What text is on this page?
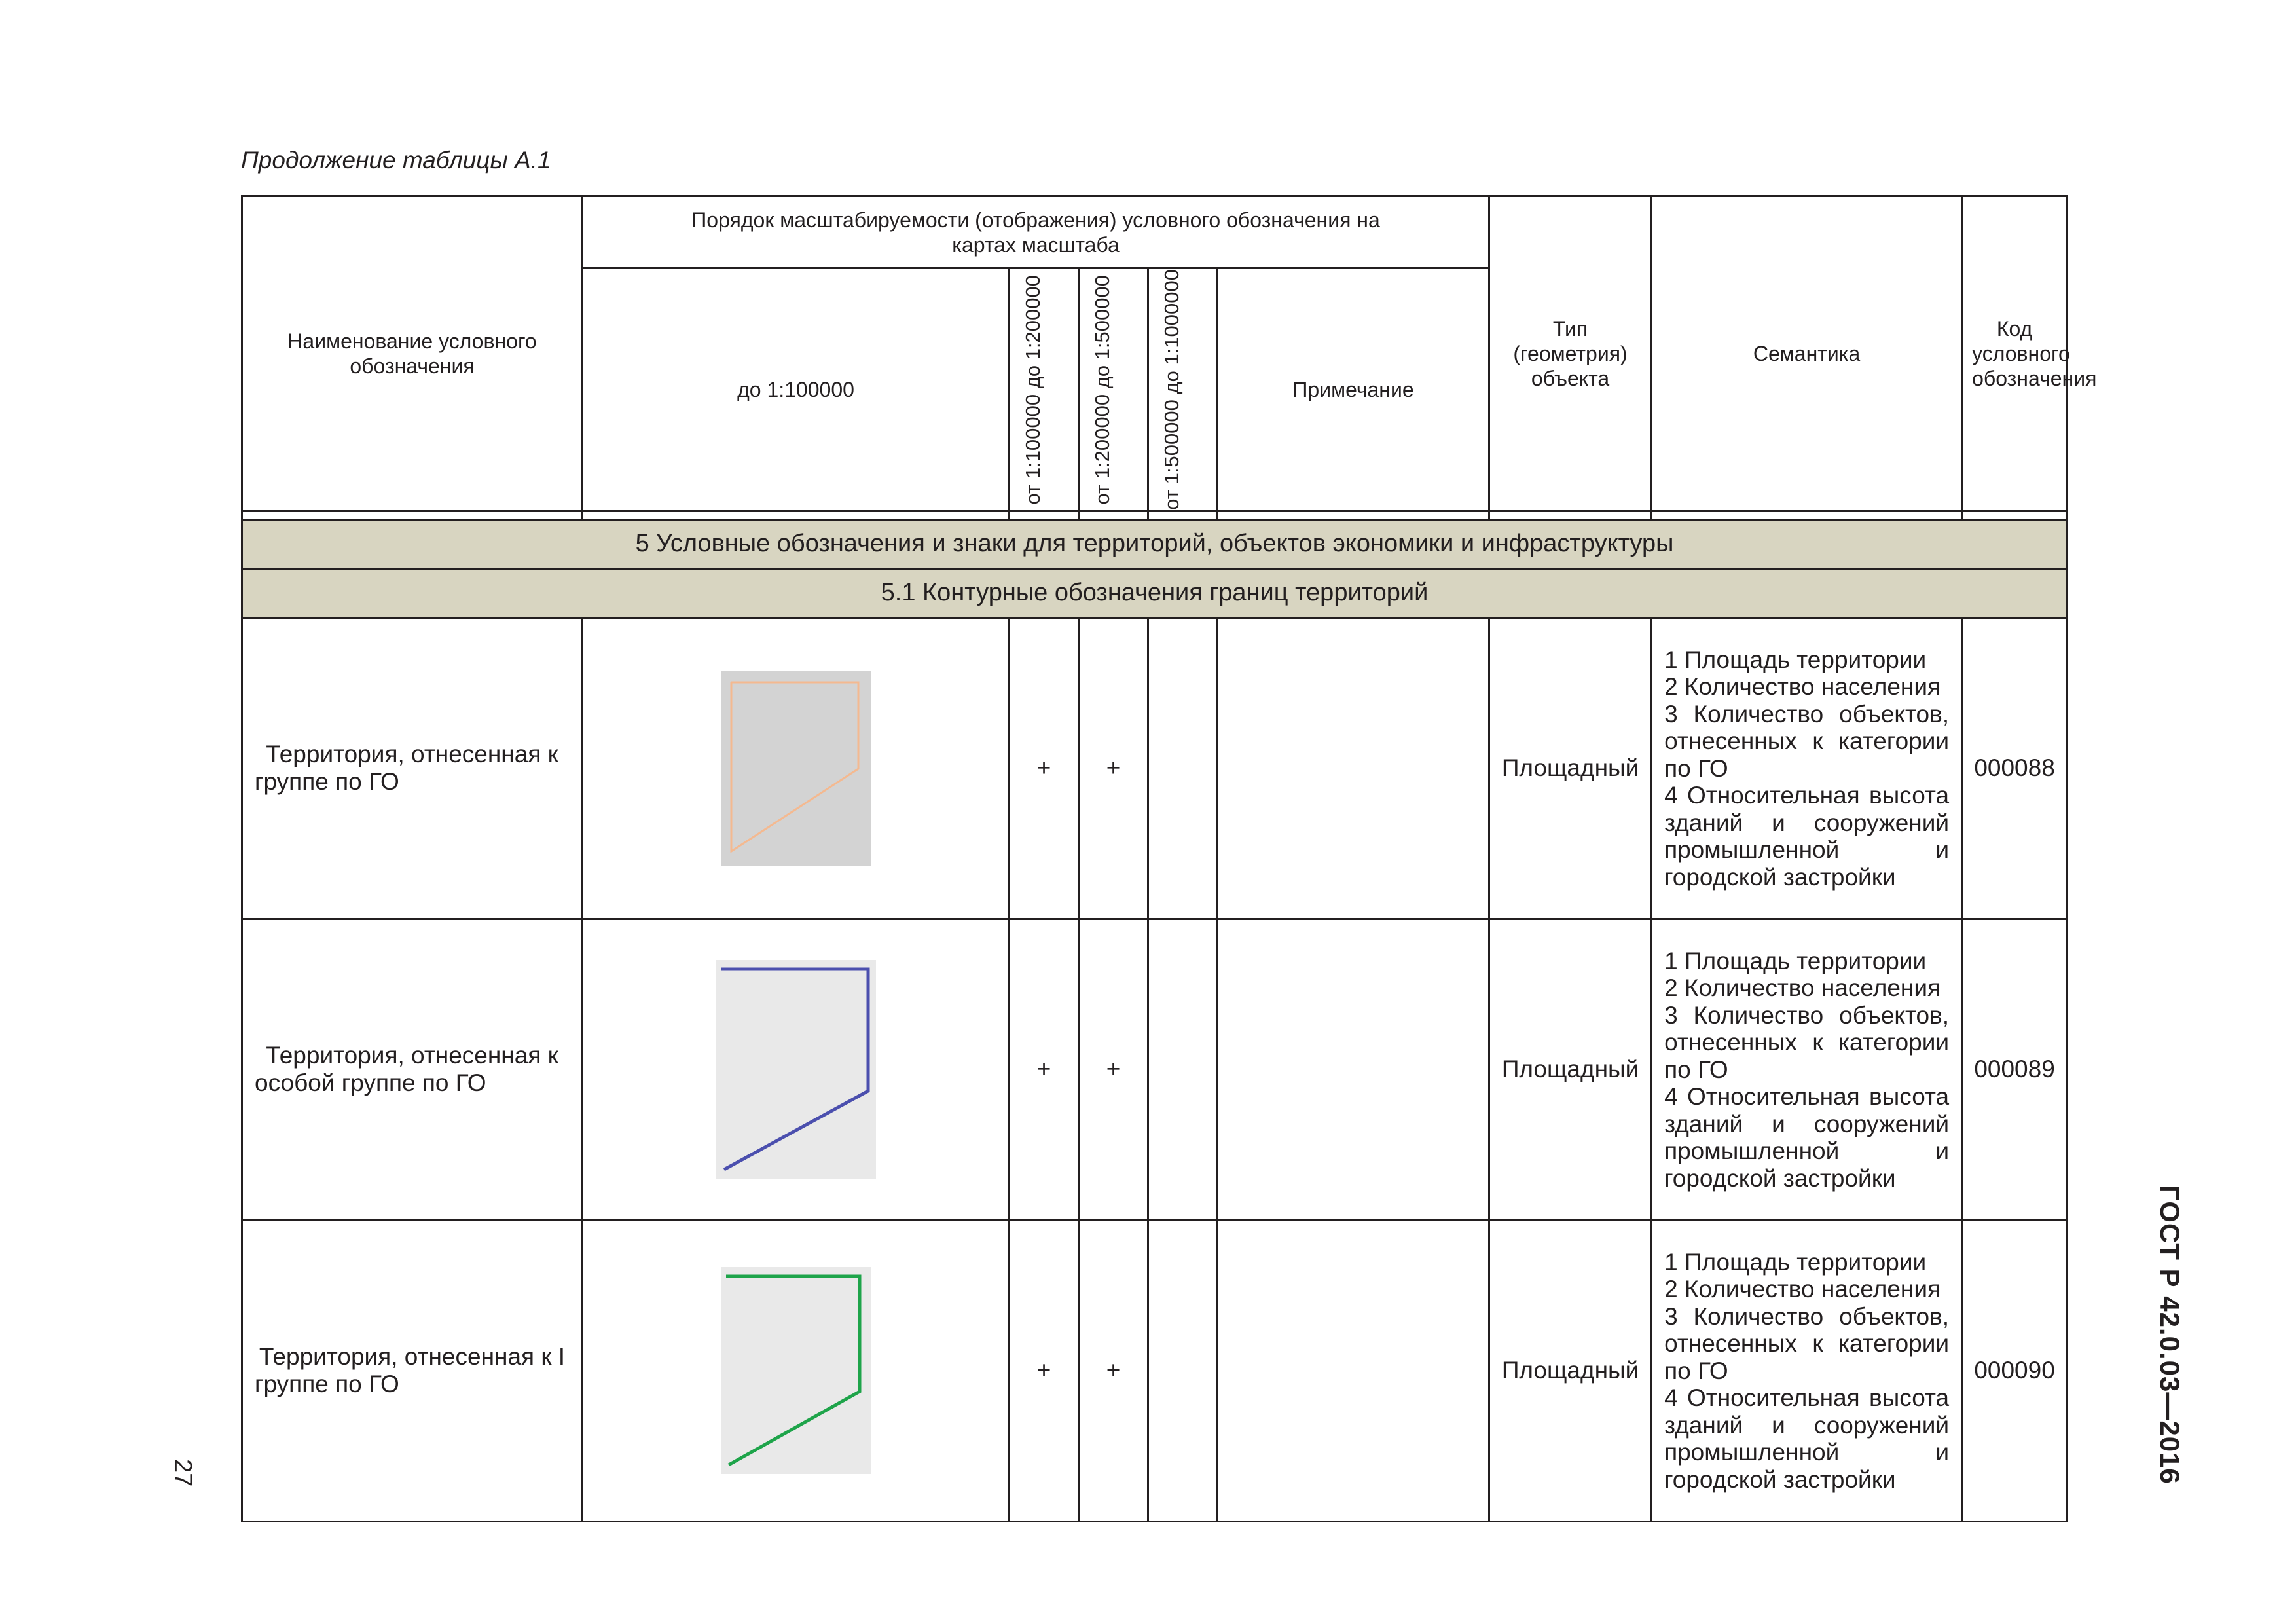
Продолжение таблицы А.1
Наименование условного обозначения	Порядок масштабируемости (отображения) условного обозначения на картах масштаба					Тип (геометрия) объекта	Семантика	Код условного обозначения

	до 1:100000	от 1:100000 до 1:200000	от 1:200000 до 1:500000	от 1:500000 до 1:1000000	Примечание			

5 Условные обозначения и знаки для территорий, объектов экономики и инфраструктуры								
5.1 Контурные обозначения границ территорий								
Территория, отнесенная к группе по ГО		+	+			Площадный	1 Площадь территории
2 Количество населения
3 Количество объектов, отнесенных к категории по ГО
4 Относительная высота зданий и сооружений промышленной и городской застройки	000088
Территория, отнесенная к особой группе по ГО		+	+			Площадный	1 Площадь территории
2 Количество населения
3 Количество объектов, отнесенных к категории по ГО
4 Относительная высота зданий и сооружений промышленной и городской застройки	000089
Территория, отнесенная к I группе по ГО		+	+			Площадный	1 Площадь территории
2 Количество населения
3 Количество объектов, отнесенных к категории по ГО
4 Относительная высота зданий и сооружений промышленной и городской застройки	000090
27	ГОСТ Р 42.0.03—2016
